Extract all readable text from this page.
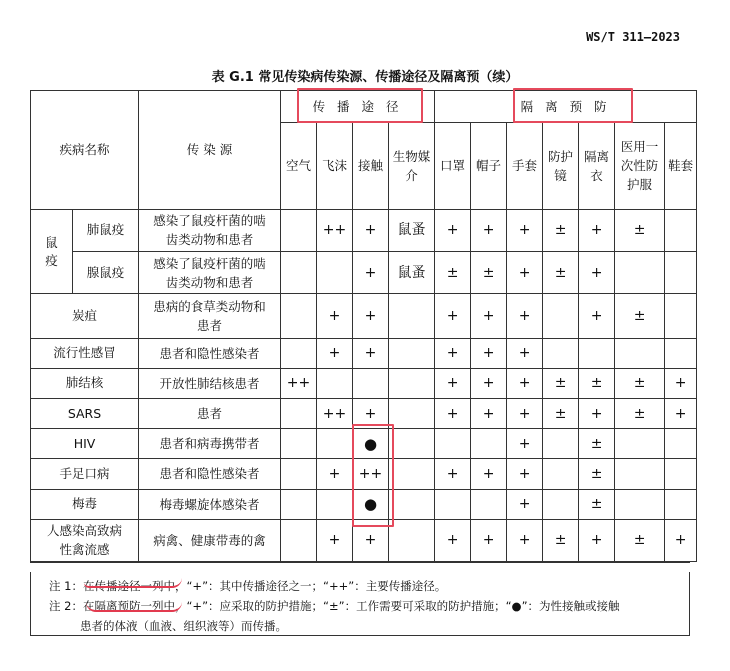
WS/T 311—2023
表 G.1 常见传染病传染源、传播途径及隔离预（续）
疾病名称		传 染 源	传 播 途 径				隔 离 预 防						
			空气	飞沫	接触	生物媒介	口罩	帽子	手套	防护镜	隔离衣	医用一次性防护服	鞋套
鼠疫	肺鼠疫	感染了鼠疫杆菌的啮齿类动物和患者		++	+	鼠蚤	+	+	+	±	+	±	
	腺鼠疫	感染了鼠疫杆菌的啮齿类动物和患者			+	鼠蚤	±	±	+	±	+		
炭疽		患病的食草类动物和患者		+	+		+	+	+		+	±	
流行性感冒		患者和隐性感染者		+	+		+	+	+				
肺结核		开放性肺结核患者	++				+	+	+	±	±	±	+
SARS		患者		++	+		+	+	+	±	+	±	+
HIV		患者和病毒携带者			●				+		±		
手足口病		患者和隐性感染者		+	++		+	+	+		±		
梅毒		梅毒螺旋体感染者			●				+		±		
人感染高致病性禽流感		病禽、健康带毒的禽		+	+		+	+	+	±	+	±	+
注 1：在传播途径一列中，“+”：其中传播途径之一；“++”：主要传播途径。
注 2：在隔离预防一列中，“+”：应采取的防护措施；“±”：工作需要可采取的防护措施；“●”：为性接触或接触
患者的体液（血液、组织液等）而传播。
